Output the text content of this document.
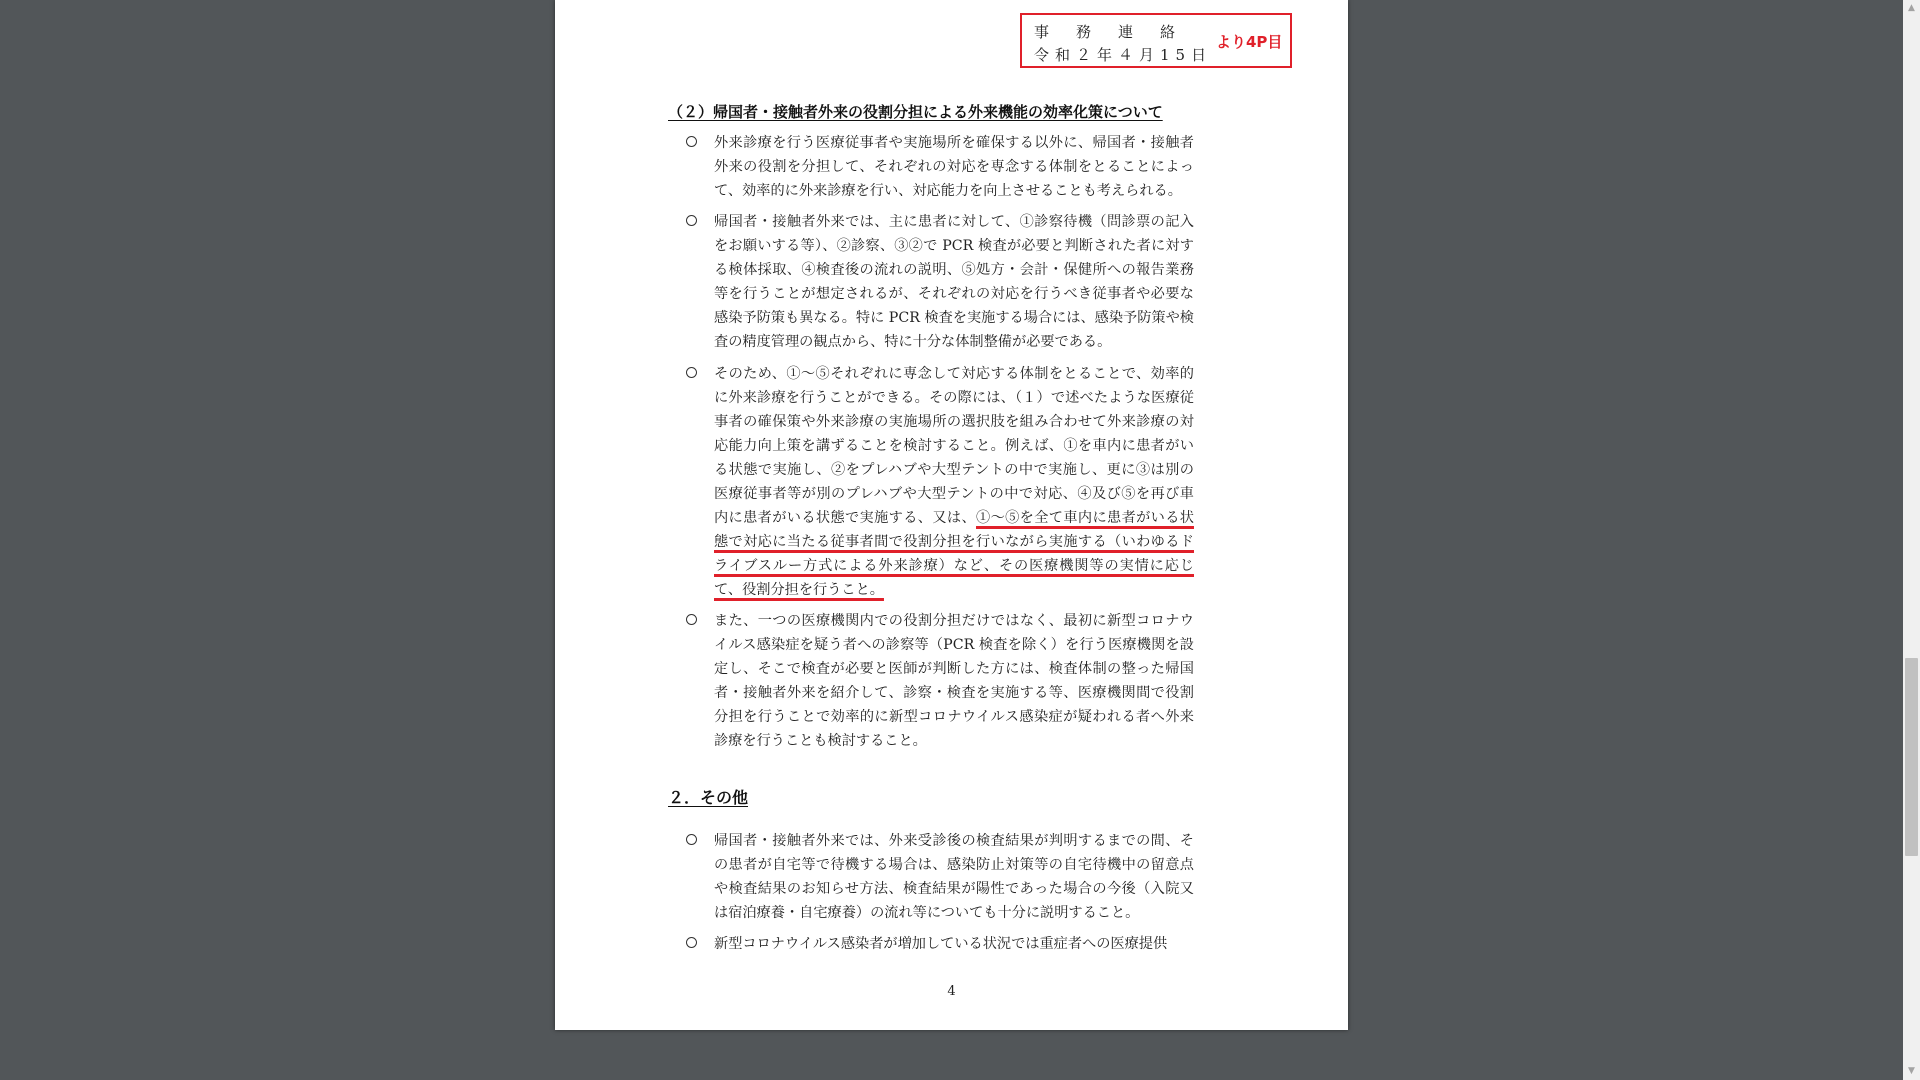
事務連絡
令和２年４月15日
より4P目
（２）帰国者・接触者外来の役割分担による外来機能の効率化策について
外来診療を行う医療従事者や実施場所を確保する以外に、帰国者・接触者外来の役割を分担して、それぞれの対応を専念する体制をとることによって、効率的に外来診療を行い、対応能力を向上させることも考えられる。
帰国者・接触者外来では、主に患者に対して、①診察待機（問診票の記入をお願いする等）、②診察、③②で PCR 検査が必要と判断された者に対する検体採取、④検査後の流れの説明、⑤処方・会計・保健所への報告業務等を行うことが想定されるが、それぞれの対応を行うべき従事者や必要な感染予防策も異なる。特に PCR 検査を実施する場合には、感染予防策や検査の精度管理の観点から、特に十分な体制整備が必要である。
そのため、①～⑤それぞれに専念して対応する体制をとることで、効率的に外来診療を行うことができる。その際には、（１）で述べたような医療従事者の確保策や外来診療の実施場所の選択肢を組み合わせて外来診療の対応能力向上策を講ずることを検討すること。例えば、①を車内に患者がいる状態で実施し、②をプレハブや大型テントの中で実施し、更に③は別の医療従事者等が別のプレハブや大型テントの中で対応、④及び⑤を再び車内に患者がいる状態で実施する、又は、①～⑤を全て車内に患者がいる状態で対応に当たる従事者間で役割分担を行いながら実施する（いわゆるドライブスルー方式による外来診療）など、その医療機関等の実情に応じて、役割分担を行うこと。
また、一つの医療機関内での役割分担だけではなく、最初に新型コロナウイルス感染症を疑う者への診察等（PCR 検査を除く）を行う医療機関を設定し、そこで検査が必要と医師が判断した方には、検査体制の整った帰国者・接触者外来を紹介して、診察・検査を実施する等、医療機関間で役割分担を行うことで効率的に新型コロナウイルス感染症が疑われる者へ外来診療を行うことも検討すること。
２．その他
帰国者・接触者外来では、外来受診後の検査結果が判明するまでの間、その患者が自宅等で待機する場合は、感染防止対策等の自宅待機中の留意点や検査結果のお知らせ方法、検査結果が陽性であった場合の今後（入院又は宿泊療養・自宅療養）の流れ等についても十分に説明すること。
新型コロナウイルス感染者が増加している状況では重症者への医療提供
4
▲
▼
